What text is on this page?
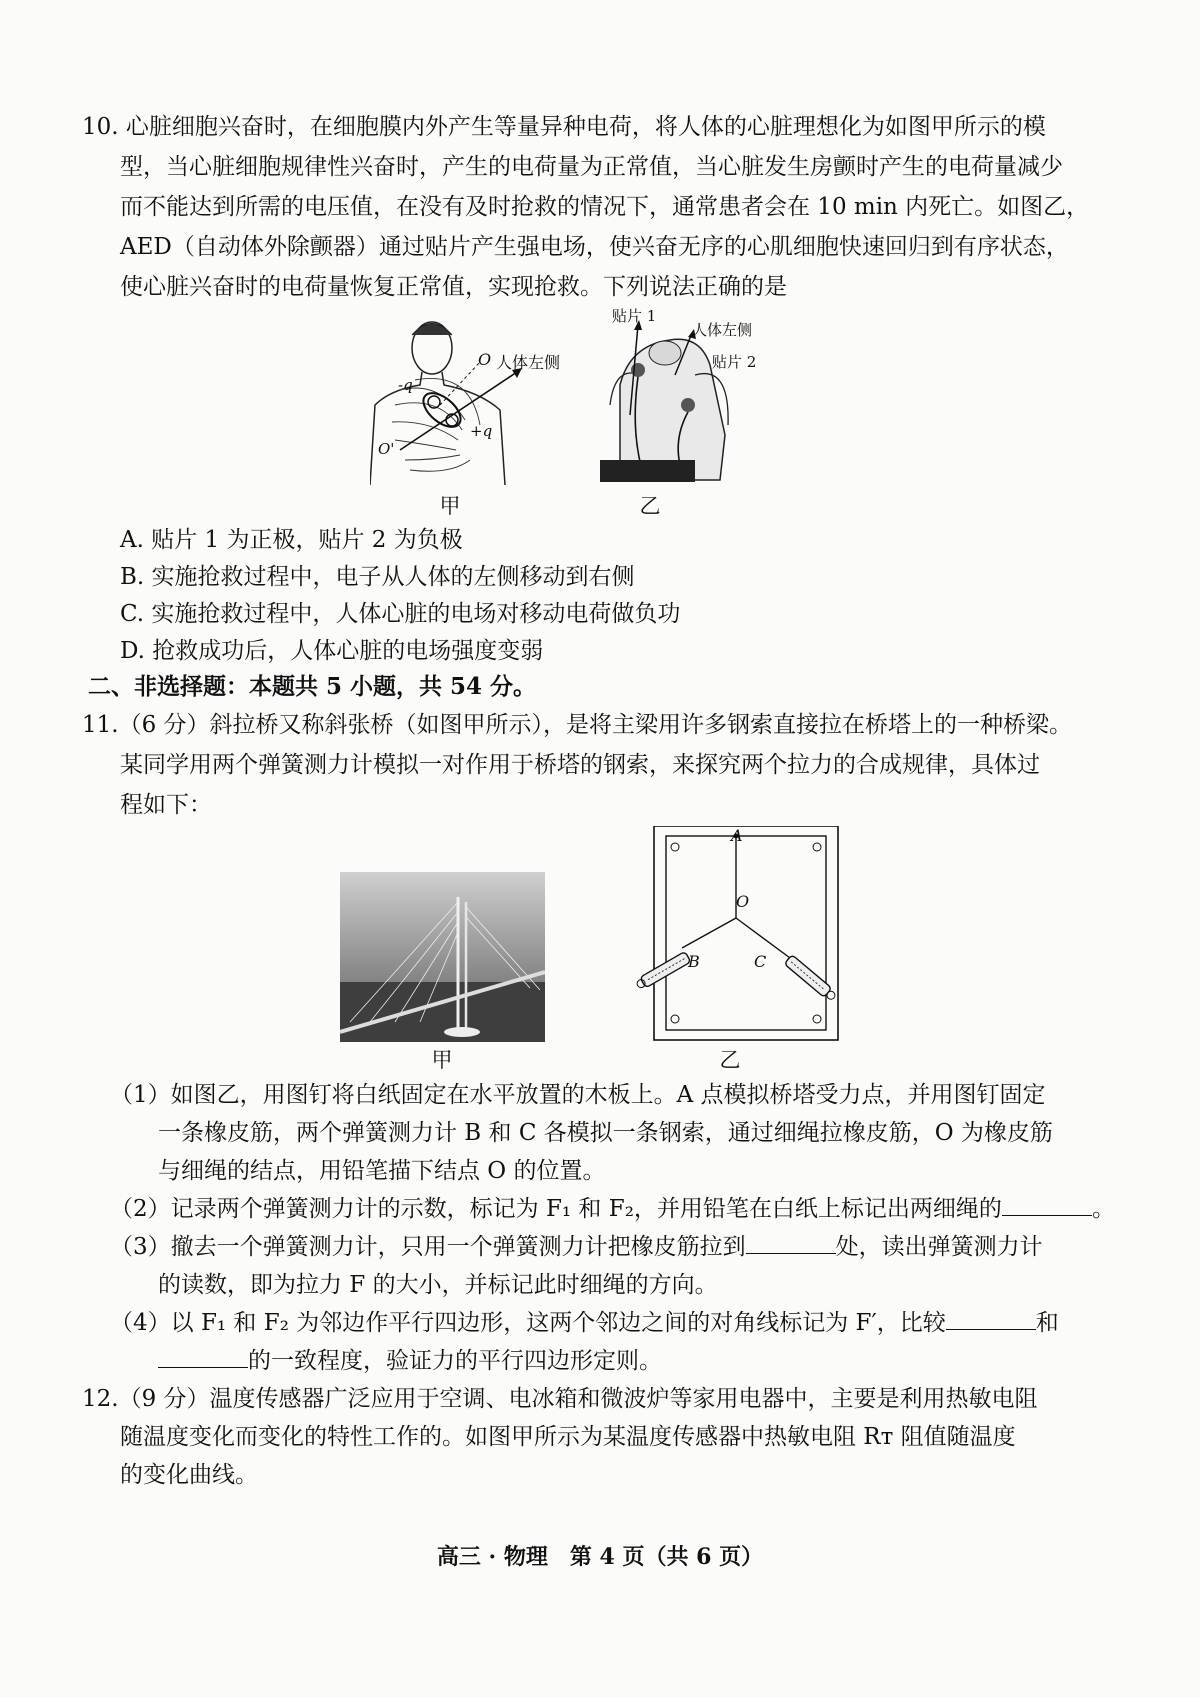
10. 心脏细胞兴奋时，在细胞膜内外产生等量异种电荷，将人体的心脏理想化为如图甲所示的模
型，当心脏细胞规律性兴奋时，产生的电荷量为正常值，当心脏发生房颤时产生的电荷量减少
而不能达到所需的电压值，在没有及时抢救的情况下，通常患者会在 10 min 内死亡。如图乙，
AED（自动体外除颤器）通过贴片产生强电场，使兴奋无序的心肌细胞快速回归到有序状态，
使心脏兴奋时的电荷量恢复正常值，实现抢救。下列说法正确的是
O 人体左侧
-q
+q
O'
甲
贴片 1
人体左侧
贴片 2
乙
A. 贴片 1 为正极，贴片 2 为负极
B. 实施抢救过程中，电子从人体的左侧移动到右侧
C. 实施抢救过程中，人体心脏的电场对移动电荷做负功
D. 抢救成功后，人体心脏的电场强度变弱
二、非选择题：本题共 5 小题，共 54 分。
11.（6 分）斜拉桥又称斜张桥（如图甲所示），是将主梁用许多钢索直接拉在桥塔上的一种桥梁。
某同学用两个弹簧测力计模拟一对作用于桥塔的钢索，来探究两个拉力的合成规律，具体过
程如下：
甲
A
O
B	C
乙
（1）如图乙，用图钉将白纸固定在水平放置的木板上。A 点模拟桥塔受力点，并用图钉固定
一条橡皮筋，两个弹簧测力计 B 和 C 各模拟一条钢索，通过细绳拉橡皮筋，O 为橡皮筋
与细绳的结点，用铅笔描下结点 O 的位置。
（2）记录两个弹簧测力计的示数，标记为 F₁ 和 F₂，并用铅笔在白纸上标记出两细绳的	。
（3）撤去一个弹簧测力计，只用一个弹簧测力计把橡皮筋拉到	处，读出弹簧测力计
的读数，即为拉力 F 的大小，并标记此时细绳的方向。
（4）以 F₁ 和 F₂ 为邻边作平行四边形，这两个邻边之间的对角线标记为 F′，比较	和
的一致程度，验证力的平行四边形定则。
12.（9 分）温度传感器广泛应用于空调、电冰箱和微波炉等家用电器中，主要是利用热敏电阻
随温度变化而变化的特性工作的。如图甲所示为某温度传感器中热敏电阻 Rᴛ 阻值随温度
的变化曲线。
高三 · 物理　第 4 页（共 6 页）
